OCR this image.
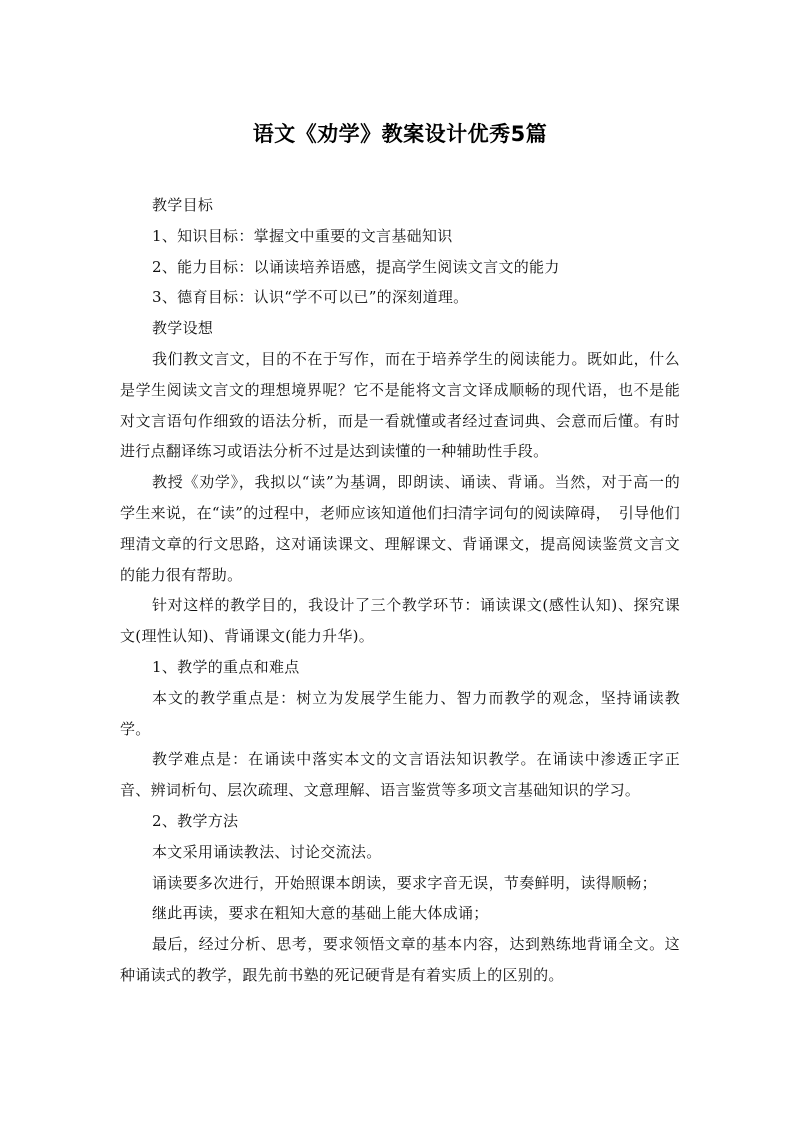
语文《劝学》教案设计优秀5篇

教学目标

1、知识目标：掌握文中重要的文言基础知识

2、能力目标：以诵读培养语感，提高学生阅读文言文的能力

3、德育目标：认识“学不可以已”的深刻道理。

教学设想

我们教文言文，目的不在于写作，而在于培养学生的阅读能力。既如此，什么是学生阅读文言文的理想境界呢？它不是能将文言文译成顺畅的现代语，也不是能对文言语句作细致的语法分析，而是一看就懂或者经过查词典、会意而后懂。有时进行点翻译练习或语法分析不过是达到读懂的一种辅助性手段。

教授《劝学》，我拟以“读”为基调，即朗读、诵读、背诵。当然，对于高一的学生来说，在“读”的过程中，老师应该知道他们扫清字词句的阅读障碍，　引导他们理清文章的行文思路，这对诵读课文、理解课文、背诵课文，提高阅读鉴赏文言文的能力很有帮助。

针对这样的教学目的，我设计了三个教学环节：诵读课文(感性认知)、探究课文(理性认知)、背诵课文(能力升华)。

1、教学的重点和难点

本文的教学重点是：树立为发展学生能力、智力而教学的观念，坚持诵读教学。

教学难点是：在诵读中落实本文的文言语法知识教学。在诵读中渗透正字正音、辨词析句、层次疏理、文意理解、语言鉴赏等多项文言基础知识的学习。

2、教学方法

本文采用诵读教法、讨论交流法。

诵读要多次进行，开始照课本朗读，要求字音无误，节奏鲜明，读得顺畅；

继此再读，要求在粗知大意的基础上能大体成诵；

最后，经过分析、思考，要求领悟文章的基本内容，达到熟练地背诵全文。这种诵读式的教学，跟先前书塾的死记硬背是有着实质上的区别的。
